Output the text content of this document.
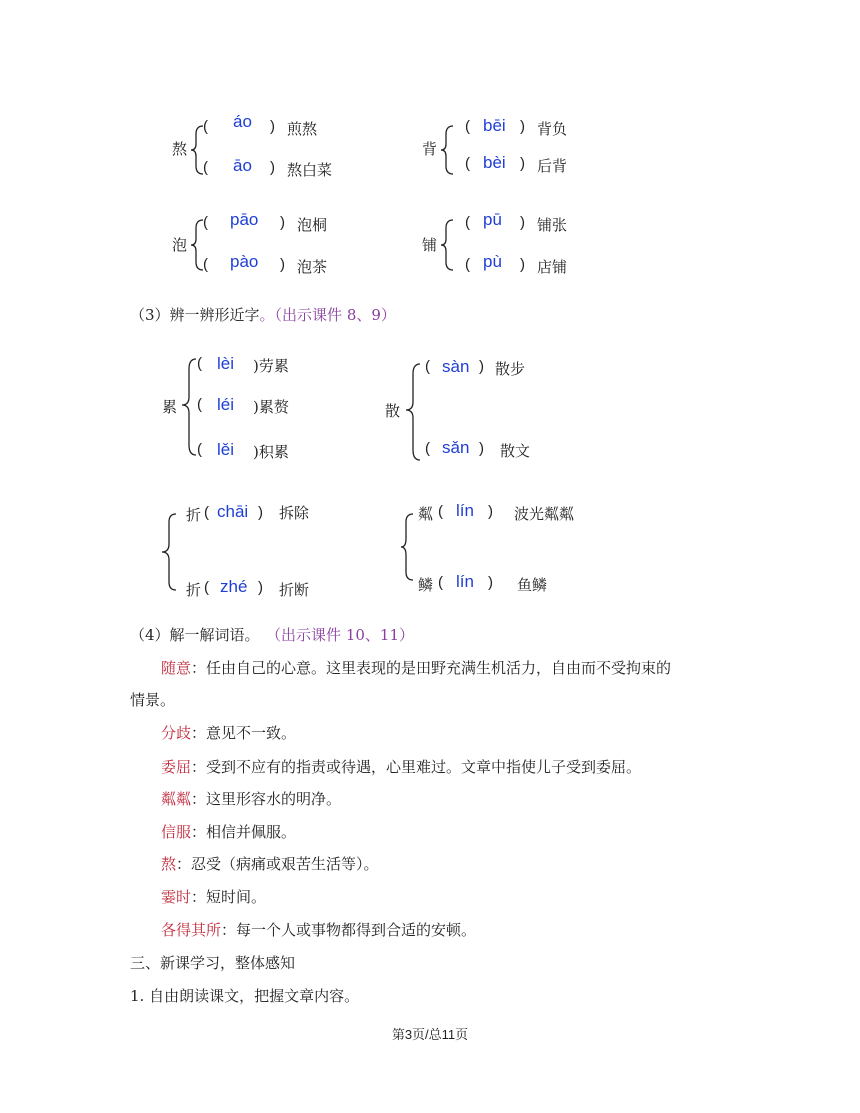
熬
( áo ) 煎熬
( āo ) 熬白菜
背
( bēi ) 背负
( bèi ) 后背
泡
( pāo ) 泡桐
( pào ) 泡茶
铺
( pū ) 铺张
( pù ) 店铺
（3）辨一辨形近字。（出示课件 8、9）
累
( lèi )劳累
( léi )累赘
( lěi )积累
散
( sàn ) 散步
( sǎn ) 散文
折 ( chāi ) 拆除
折 ( zhé ) 折断
粼 ( lín ) 波光粼粼
鳞 ( lín ) 鱼鳞
（4）解一解词语。 （出示课件 10、11）
随意：任由自己的心意。这里表现的是田野充满生机活力，自由而不受拘束的
情景。
分歧：意见不一致。
委屈：受到不应有的指责或待遇，心里难过。文章中指使儿子受到委屈。
粼粼：这里形容水的明净。
信服：相信并佩服。
熬：忍受（病痛或艰苦生活等）。
霎时：短时间。
各得其所：每一个人或事物都得到合适的安顿。
三、新课学习，整体感知
1. 自由朗读课文，把握文章内容。
第3页/总11页
